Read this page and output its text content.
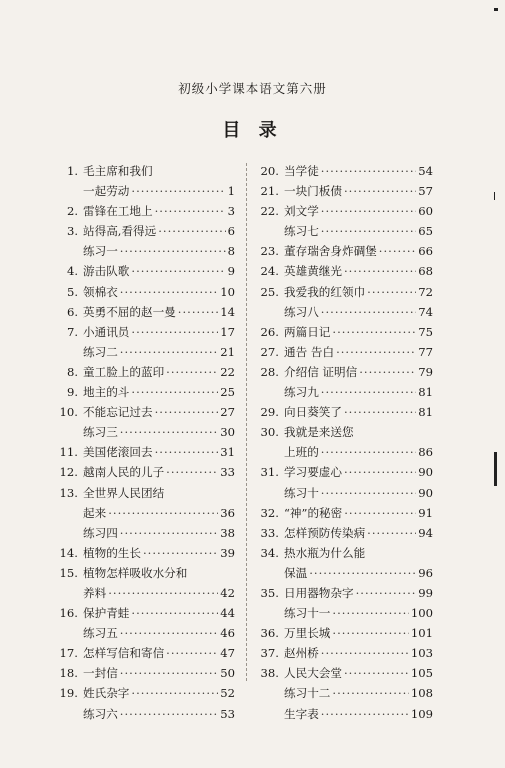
初级小学课本语文第六册
目 录
1. 毛主席和我们
一起劳动 ·····	1
2. 雷锋在工地上 ·····	3
3. 站得高,看得远 ·····	6
练习一 ·····	8
4. 游击队歌 ·····	9
5. 领棉衣 ·····	10
6. 英勇不屈的赵一曼 ·····	14
7. 小通讯员 ·····	17
练习二 ·····	21
8. 童工脸上的蓝印 ·····	22
9. 地主的斗 ·····	25
10. 不能忘记过去 ·····	27
练习三 ·····	30
11. 美国佬滚回去 ·····	31
12. 越南人民的儿子 ·····	33
13. 全世界人民团结
起来 ·····	36
练习四 ·····	38
14. 植物的生长 ·····	39
15. 植物怎样吸收水分和
养料 ·····	42
16. 保护青蛙 ·····	44
练习五 ·····	46
17. 怎样写信和寄信 ·····	47
18. 一封信 ·····	50
19. 姓氏杂字 ·····	52
练习六 ·····	53
20. 当学徒 ·····	54
21. 一块门板债 ·····	57
22. 刘文学 ·····	60
练习七 ·····	65
23. 董存瑞舍身炸碉堡 ·····	66
24. 英雄黄继光 ·····	68
25. 我爱我的红领巾 ·····	72
练习八 ·····	74
26. 两篇日记 ·····	75
27. 通告 告白 ·····	77
28. 介绍信 证明信 ·····	79
练习九 ·····	81
29. 向日葵笑了 ·····	81
30. 我就是来送您
上班的 ·····	86
31. 学习要虚心 ·····	90
练习十 ·····	90
32. “神”的秘密 ·····	91
33. 怎样预防传染病 ·····	94
34. 热水瓶为什么能
保温 ·····	96
35. 日用器物杂字 ·····	99
练习十一 ·····	100
36. 万里长城 ·····	101
37. 赵州桥 ·····	103
38. 人民大会堂 ·····	105
练习十二 ·····	108
生字表 ·····	109
